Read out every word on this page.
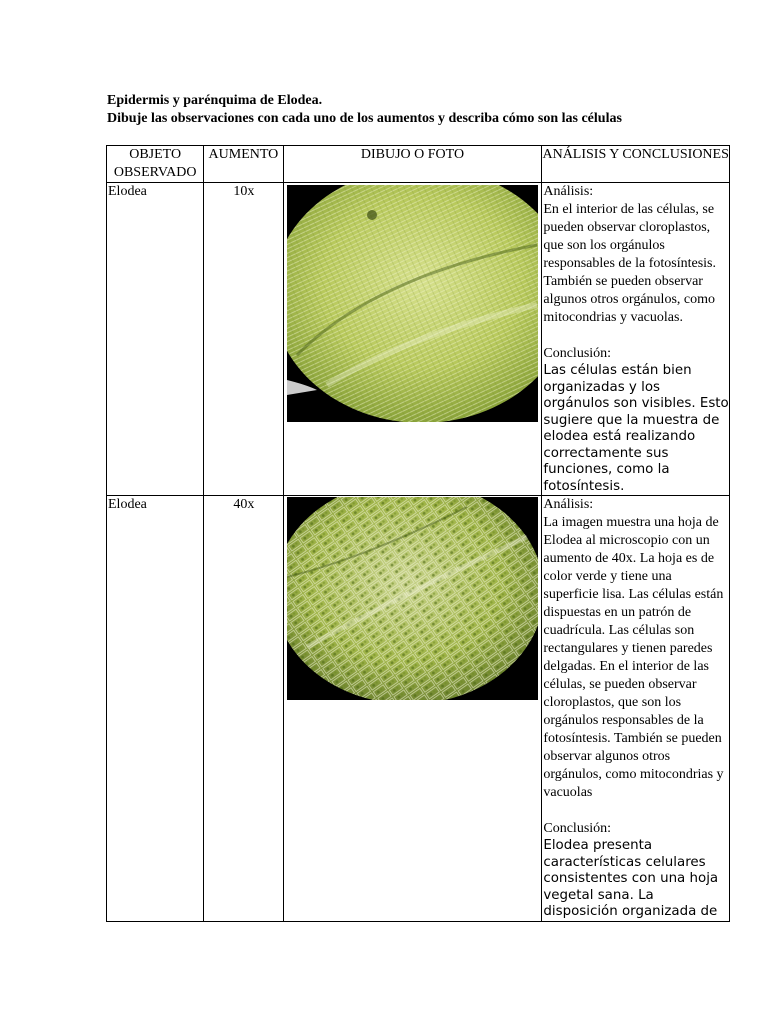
Epidermis y parénquima de Elodea.
Dibuje las observaciones con cada uno de los aumentos y describa cómo son las células
OBJETO OBSERVADO	AUMENTO	DIBUJO O FOTO	ANÁLISIS Y CONCLUSIONES
Elodea	10x		Análisis:
En el interior de las células, se pueden observar cloroplastos, que son los orgánulos responsables de la fotosíntesis. También se pueden observar algunos otros orgánulos, como mitocondrias y vacuolas.
Conclusión:
Las células están bien organizadas y los orgánulos son visibles. Esto sugiere que la muestra de elodea está realizando correctamente sus funciones, como la fotosíntesis.

Elodea	40x		Análisis:
La imagen muestra una hoja de Elodea al microscopio con un aumento de 40x. La hoja es de color verde y tiene una superficie lisa. Las células están dispuestas en un patrón de cuadrícula. Las células son rectangulares y tienen paredes delgadas. En el interior de las células, se pueden observar cloroplastos, que son los orgánulos responsables de la fotosíntesis. También se pueden observar algunos otros orgánulos, como mitocondrias y vacuolas
Conclusión:
Elodea presenta características celulares consistentes con una hoja vegetal sana. La disposición organizada de
